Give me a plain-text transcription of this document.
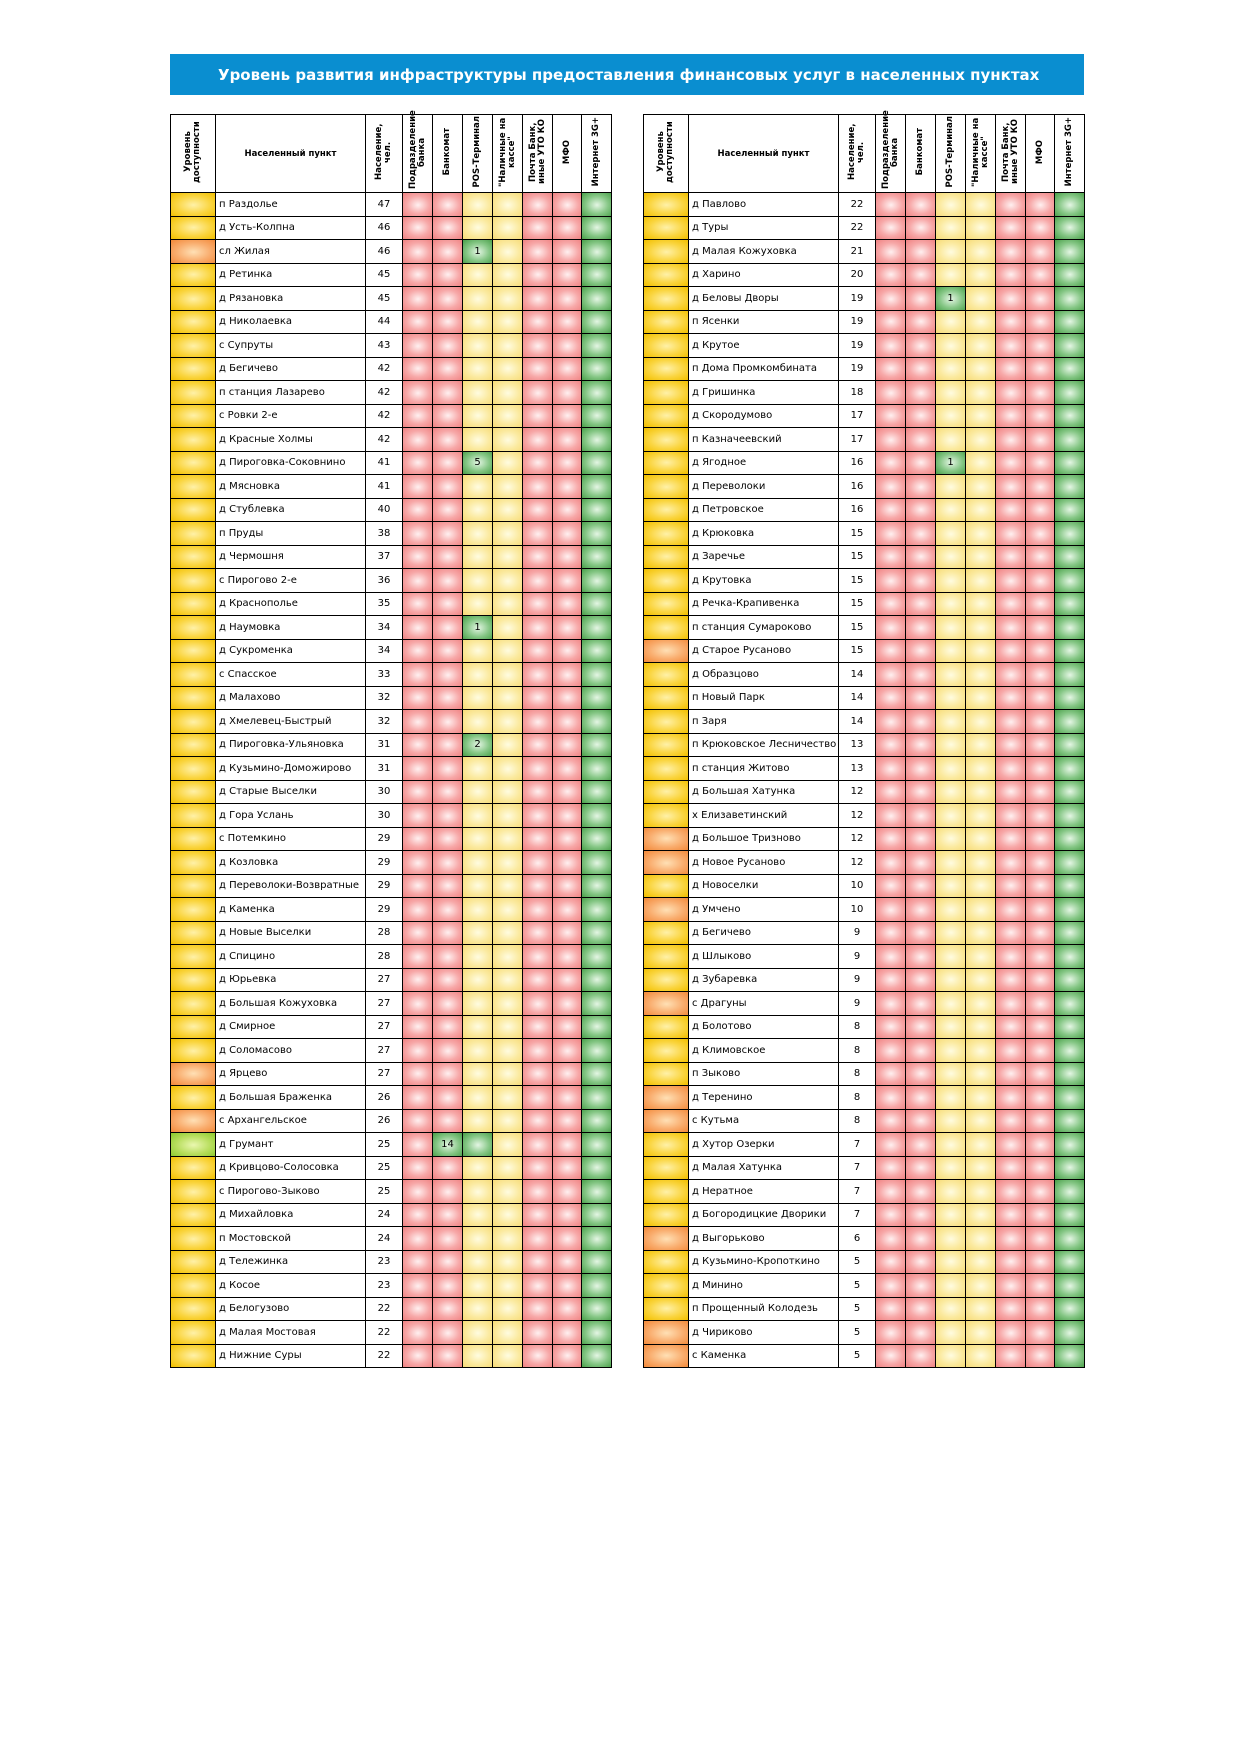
Уровень развития инфраструктуры предоставления финансовых услуг в населенных пунктах
Уровень доступности	Населенный пункт	Население, чел.	Подразделение банка	Банкомат	POS-Терминал	"Наличные на кассе"	Почта Банк, иные УТО КО	МФО	Интернет 3G+
	п Раздолье	47							
	д Усть-Колпна	46							
	сл Жилая	46			1				
	д Ретинка	45							
	д Рязановка	45							
	д Николаевка	44							
	с Супруты	43							
	д Бегичево	42							
	п станция Лазарево	42							
	с Ровки 2-е	42							
	д Красные Холмы	42							
	д Пироговка-Соковнино	41			5				
	д Мясновка	41							
	д Стублевка	40							
	п Пруды	38							
	д Чермошня	37							
	с Пирогово 2-е	36							
	д Краснополье	35							
	д Наумовка	34			1				
	д Сукроменка	34							
	с Спасское	33							
	д Малахово	32							
	д Хмелевец-Быстрый	32							
	д Пироговка-Ульяновка	31			2				
	д Кузьмино-Доможирово	31							
	д Старые Выселки	30							
	д Гора Услань	30							
	с Потемкино	29							
	д Козловка	29							
	д Переволоки-Возвратные	29							
	д Каменка	29							
	д Новые Выселки	28							
	д Спицино	28							
	д Юрьевка	27							
	д Большая Кожуховка	27							
	д Смирное	27							
	д Соломасово	27							
	д Ярцево	27							
	д Большая Браженка	26							
	с Архангельское	26							
	д Грумант	25		14					
	д Кривцово-Солосовка	25							
	с Пирогово-Зыково	25							
	д Михайловка	24							
	п Мостовской	24							
	д Тележинка	23							
	д Косое	23							
	д Белогузово	22							
	д Малая Мостовая	22							
	д Нижние Суры	22							
Уровень доступности	Населенный пункт	Население, чел.	Подразделение банка	Банкомат	POS-Терминал	"Наличные на кассе"	Почта Банк, иные УТО КО	МФО	Интернет 3G+
	д Павлово	22							
	д Туры	22							
	д Малая Кожуховка	21							
	д Харино	20							
	д Беловы Дворы	19			1				
	п Ясенки	19							
	д Крутое	19							
	п Дома Промкомбината	19							
	д Гришинка	18							
	д Скородумово	17							
	п Казначеевский	17							
	д Ягодное	16			1				
	д Переволоки	16							
	д Петровское	16							
	д Крюковка	15							
	д Заречье	15							
	д Крутовка	15							
	д Речка-Крапивенка	15							
	п станция Сумароково	15							
	д Старое Русаново	15							
	д Образцово	14							
	п Новый Парк	14							
	п Заря	14							
	п Крюковское Лесничество	13							
	п станция Житово	13							
	д Большая Хатунка	12							
	х Елизаветинский	12							
	д Большое Тризново	12							
	д Новое Русаново	12							
	д Новоселки	10							
	д Умчено	10							
	д Бегичево	9							
	д Шлыково	9							
	д Зубаревка	9							
	с Драгуны	9							
	д Болотово	8							
	д Климовское	8							
	п Зыково	8							
	д Теренино	8							
	с Кутьма	8							
	д Хутор Озерки	7							
	д Малая Хатунка	7							
	д Нератное	7							
	д Богородицкие Дворики	7							
	д Выгорьково	6							
	д Кузьмино-Кропоткино	5							
	д Минино	5							
	п Прощенный Колодезь	5							
	д Чириково	5							
	с Каменка	5							
